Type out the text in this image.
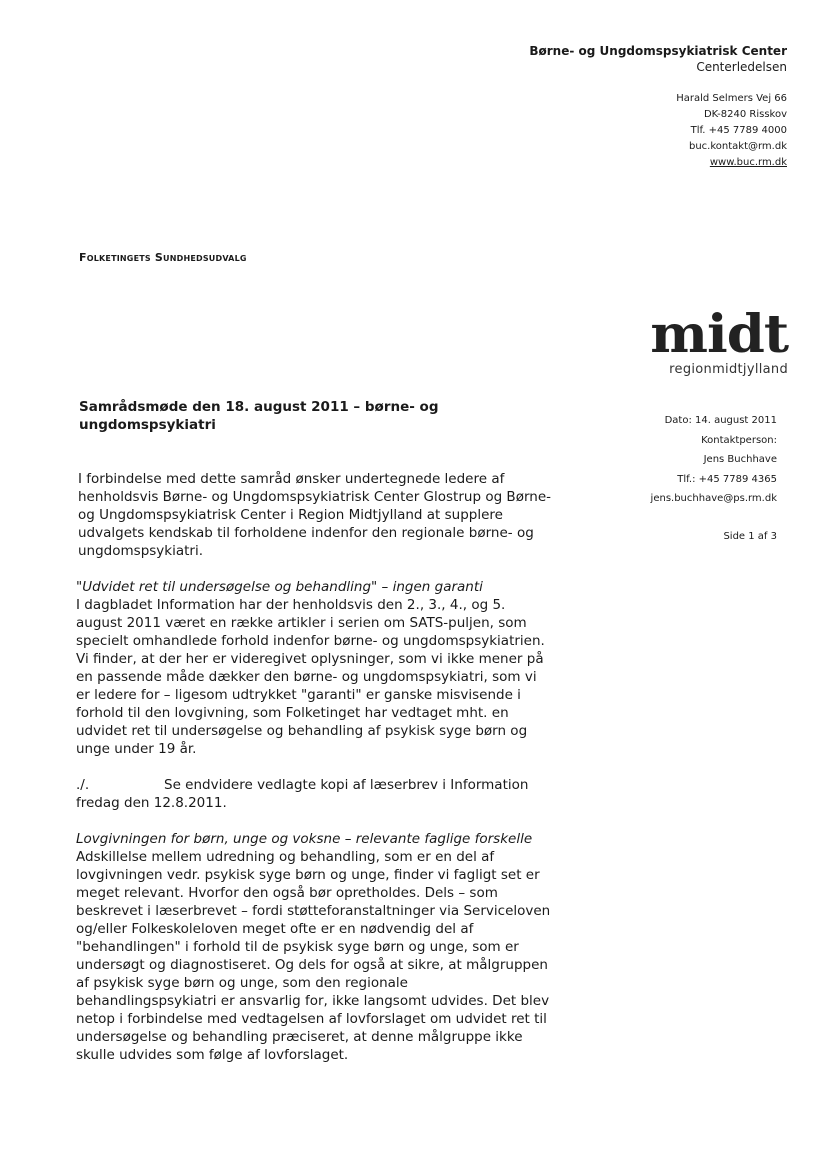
Børne- og Ungdomspsykiatrisk Center
Centerledelsen
Harald Selmers Vej 66
DK-8240 Risskov
Tlf. +45 7789 4000
buc.kontakt@rm.dk
www.buc.rm.dk
Folketingets Sundhedsudvalg
midt
regionmidtjylland
Dato: 14. august 2011
Kontaktperson:
Jens Buchhave
Tlf.: +45 7789 4365
jens.buchhave@ps.rm.dk
Side 1 af 3
Samrådsmøde den 18. august 2011 – børne- og
ungdomspsykiatri
I forbindelse med dette samråd ønsker undertegnede ledere af
henholdsvis Børne- og Ungdomspsykiatrisk Center Glostrup og Børne-
og Ungdomspsykiatrisk Center i Region Midtjylland at supplere
udvalgets kendskab til forholdene indenfor den regionale børne- og
ungdomspsykiatri.
"Udvidet ret til undersøgelse og behandling" – ingen garanti
I dagbladet Information har der henholdsvis den 2., 3., 4., og 5.
august 2011 været en række artikler i serien om SATS-puljen, som
specielt omhandlede forhold indenfor børne- og ungdomspsykiatrien.
Vi finder, at der her er videregivet oplysninger, som vi ikke mener på
en passende måde dækker den børne- og ungdomspsykiatri, som vi
er ledere for – ligesom udtrykket "garanti" er ganske misvisende i
forhold til den lovgivning, som Folketinget har vedtaget mht. en
udvidet ret til undersøgelse og behandling af psykisk syge børn og
unge under 19 år.
./.	Se endvidere vedlagte kopi af læserbrev i Information
fredag den 12.8.2011.
Lovgivningen for børn, unge og voksne – relevante faglige forskelle
Adskillelse mellem udredning og behandling, som er en del af
lovgivningen vedr. psykisk syge børn og unge, finder vi fagligt set er
meget relevant. Hvorfor den også bør opretholdes. Dels – som
beskrevet i læserbrevet – fordi støtteforanstaltninger via Serviceloven
og/eller Folkeskoleloven meget ofte er en nødvendig del af
"behandlingen" i forhold til de psykisk syge børn og unge, som er
undersøgt og diagnostiseret. Og dels for også at sikre, at målgruppen
af psykisk syge børn og unge, som den regionale
behandlingspsykiatri er ansvarlig for, ikke langsomt udvides. Det blev
netop i forbindelse med vedtagelsen af lovforslaget om udvidet ret til
undersøgelse og behandling præciseret, at denne målgruppe ikke
skulle udvides som følge af lovforslaget.
